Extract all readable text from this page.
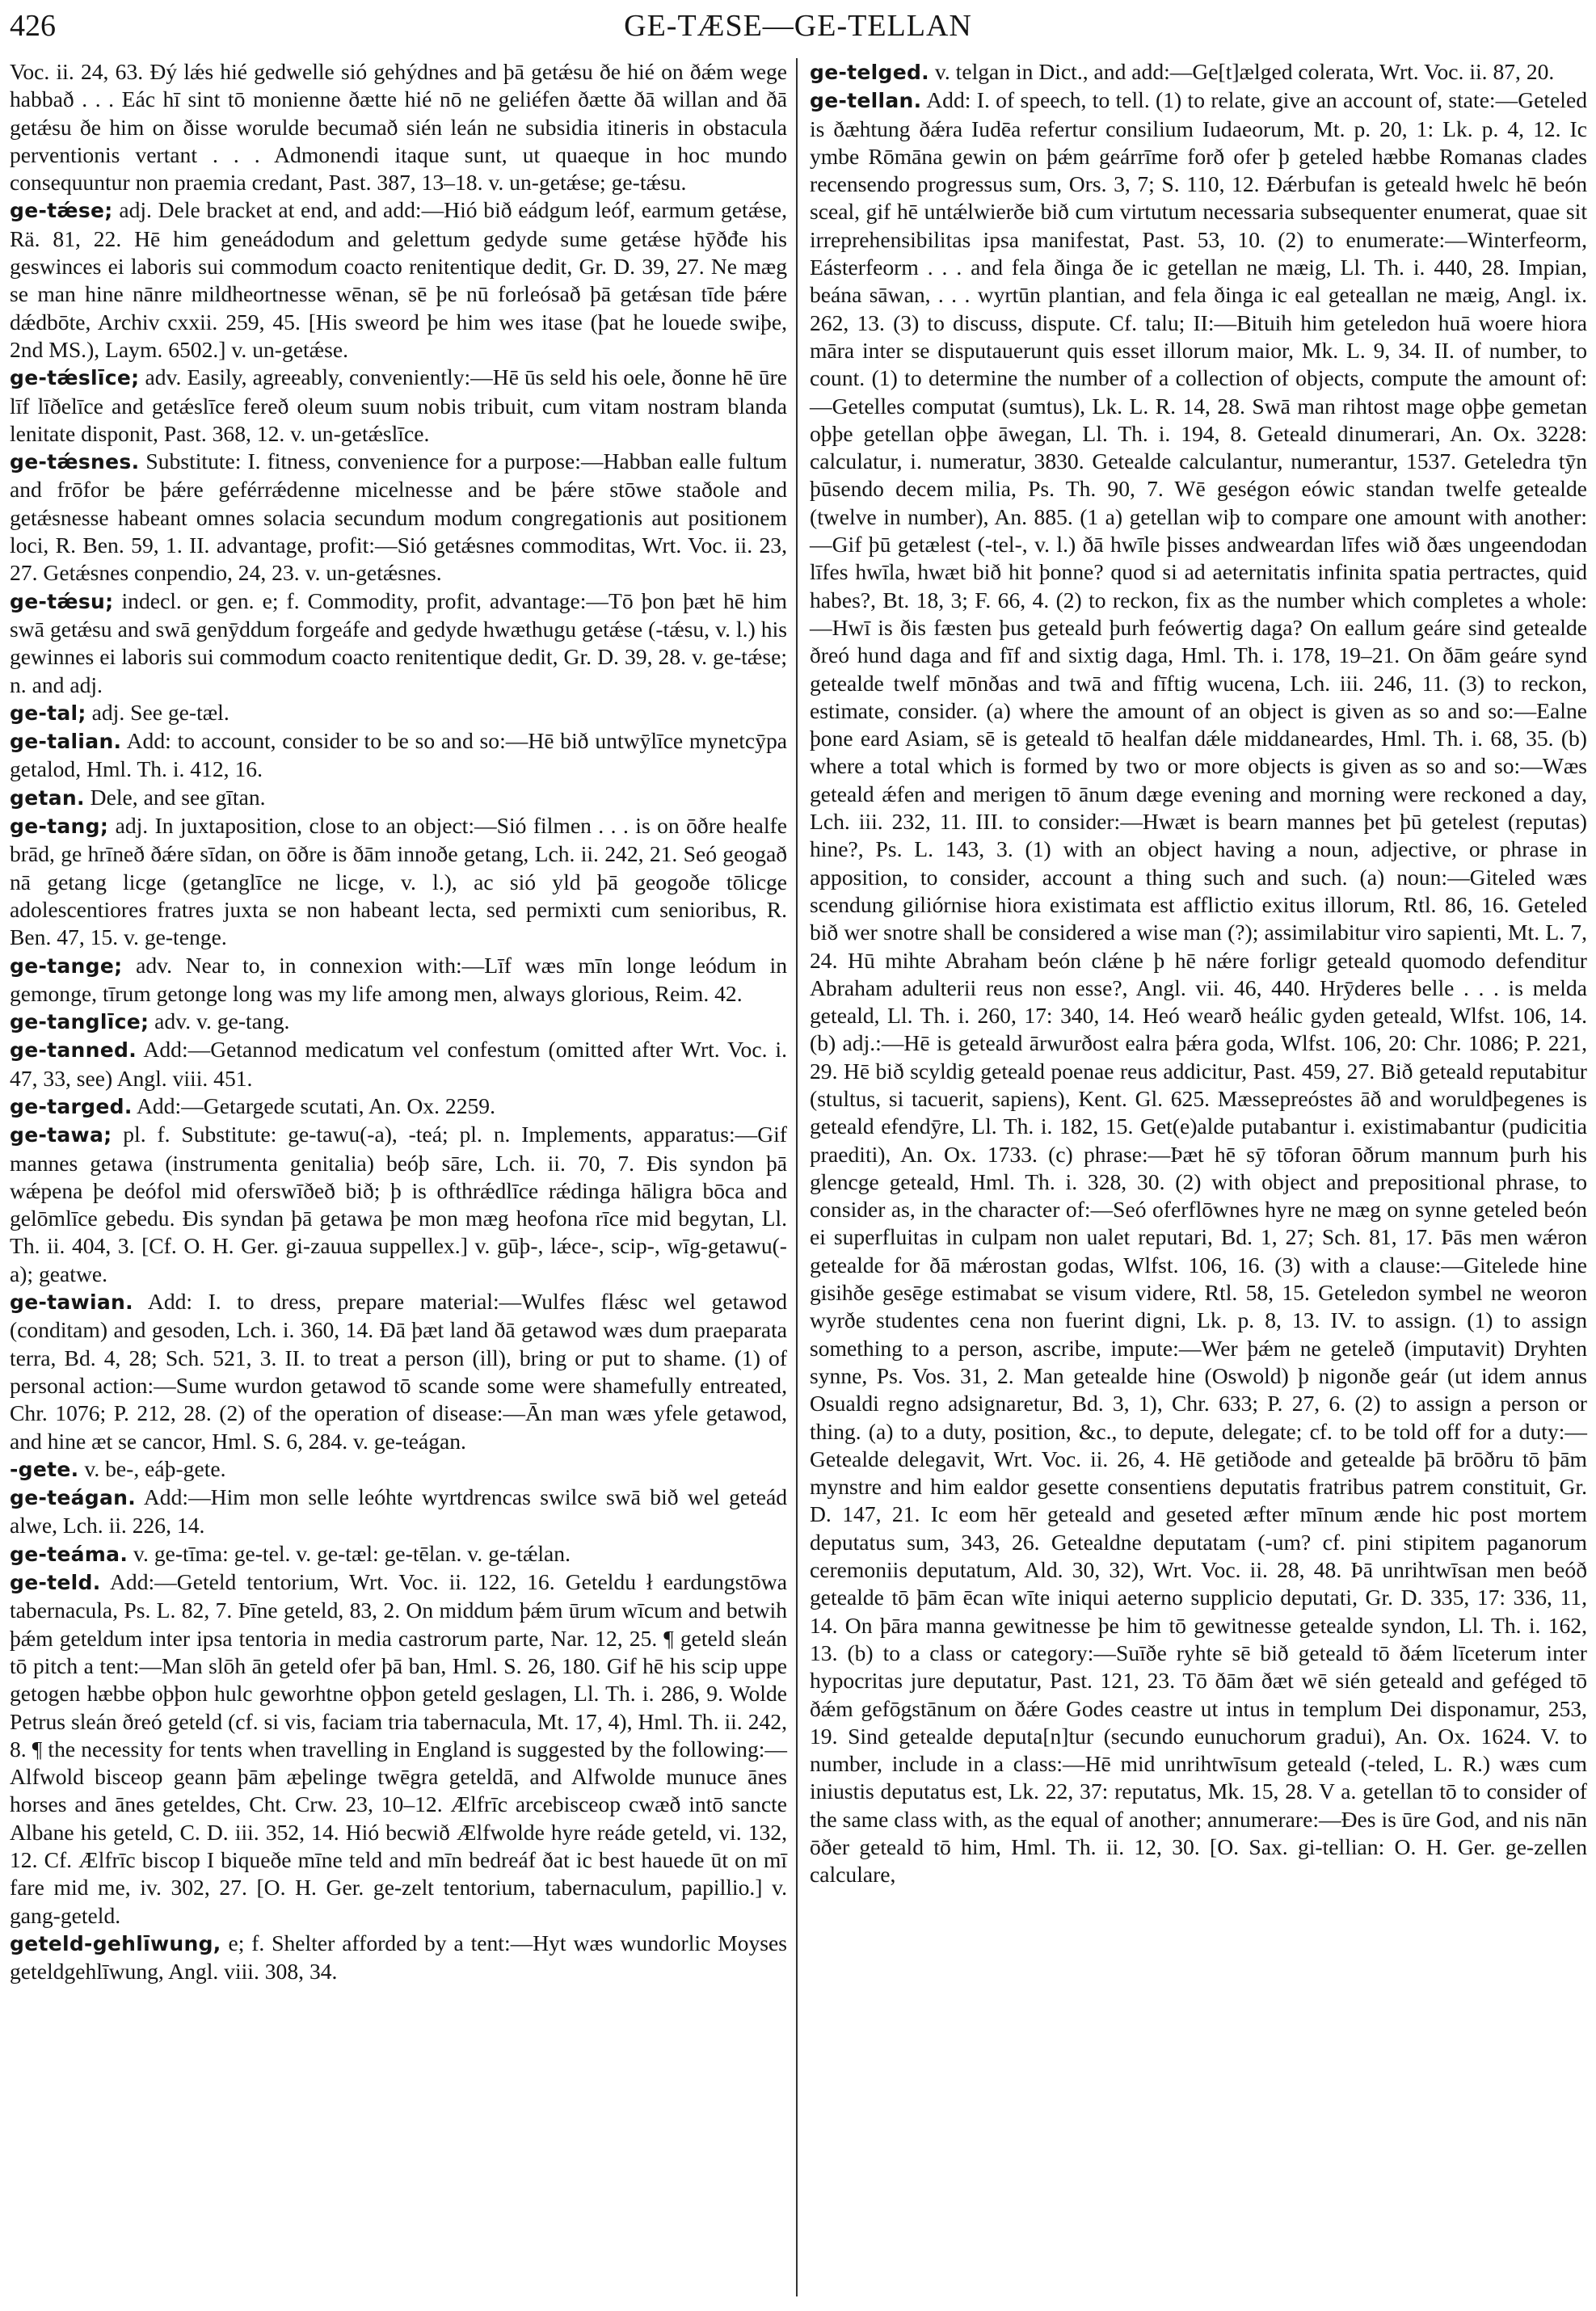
426	GE-TÆSE—GE-TELLAN

Voc. ii. 24, 63. Ðý lǽs hié gedwelle sió gehýdnes and þā getǽsu ðe hié on ðǽm wege habbað . . . Eác hī sint tō monienne ðætte hié nō ne geliéfen ðætte ðā willan and ðā getǽsu ðe him on ðisse worulde becumað sién leán ne subsidia itineris in obstacula perventionis vertant . . . Admonendi itaque sunt, ut quaeque in hoc mundo consequuntur non praemia credant, Past. 387, 13–18. v. un-getǽse; ge-tǽsu.

ge-tǽse; adj. Dele bracket at end, and add:—Hió bið eádgum leóf, earmum getǽse, Rä. 81, 22. Hē him geneádodum and gelettum gedyde sume getǽse hȳðđe his geswinces ei laboris sui commodum coacto renitentique dedit, Gr. D. 39, 27. Ne mæg se man hine nānre mildheortnesse wēnan, sē þe nū forleósað þā getǽsan tīde þǽre dǽdbōte, Archiv cxxii. 259, 45. [His sweord þe him wes itase (þat he louede swiþe, 2nd MS.), Laym. 6502.] v. un-getǽse.

ge-tǽslīce; adv. Easily, agreeably, conveniently:—Hē ūs seld his oele, ðonne hē ūre līf līðelīce and getǽslīce fereð oleum suum nobis tribuit, cum vitam nostram blanda lenitate disponit, Past. 368, 12. v. un-getǽslīce.

ge-tǽsnes. Substitute: I. fitness, convenience for a purpose:—Habban ealle fultum and frōfor be þǽre geférrǽdenne micelnesse and be þǽre stōwe staðole and getǽsnesse habeant omnes solacia secundum modum congregationis aut positionem loci, R. Ben. 59, 1. II. advantage, profit:—Sió getǽsnes commoditas, Wrt. Voc. ii. 23, 27. Getǽsnes conpendio, 24, 23. v. un-getǽsnes.

ge-tǽsu; indecl. or gen. e; f. Commodity, profit, advantage:—Tō þon þæt hē him swā getǽsu and swā genȳddum forgeáfe and gedyde hwæthugu getǽse (-tǽsu, v. l.) his gewinnes ei laboris sui commodum coacto renitentique dedit, Gr. D. 39, 28. v. ge-tǽse; n. and adj.

ge-tal; adj. See ge-tæl.

ge-talian. Add: to account, consider to be so and so:—Hē bið untwȳlīce mynetcȳpa getalod, Hml. Th. i. 412, 16.

getan. Dele, and see gītan.

ge-tang; adj. In juxtaposition, close to an object:—Sió filmen . . . is on ōðre healfe brād, ge hrīneð ðǽre sīdan, on ōðre is ðām innoðe getang, Lch. ii. 242, 21. Seó geogað nā getang licge (getanglīce ne licge, v. l.), ac sió yld þā geogoðe tōlicge adolescentiores fratres juxta se non habeant lecta, sed permixti cum senioribus, R. Ben. 47, 15. v. ge-tenge.

ge-tange; adv. Near to, in connexion with:—Līf wæs mīn longe leódum in gemonge, tīrum getonge long was my life among men, always glorious, Reim. 42.

ge-tanglīce; adv. v. ge-tang.

ge-tanned. Add:—Getannod medicatum vel confestum (omitted after Wrt. Voc. i. 47, 33, see) Angl. viii. 451.

ge-targed. Add:—Getargede scutati, An. Ox. 2259.

ge-tawa; pl. f. Substitute: ge-tawu(-a), -teá; pl. n. Implements, apparatus:—Gif mannes getawa (instrumenta genitalia) beóþ sāre, Lch. ii. 70, 7. Ðis syndon þā wǽpena þe deófol mid oferswīðeð bið; þ is ofthrǽdlīce rǽdinga hāligra bōca and gelōmlīce gebedu. Ðis syndan þā getawa þe mon mæg heofona rīce mid begytan, Ll. Th. ii. 404, 3. [Cf. O. H. Ger. gi-zauua suppellex.] v. gūþ-, lǽce-, scip-, wīg-getawu(-a); geatwe.

ge-tawian. Add: I. to dress, prepare material:—Wulfes flǽsc wel getawod (conditam) and gesoden, Lch. i. 360, 14. Ðā þæt land ðā getawod wæs dum praeparata terra, Bd. 4, 28; Sch. 521, 3. II. to treat a person (ill), bring or put to shame. (1) of personal action:—Sume wurdon getawod tō scande some were shamefully entreated, Chr. 1076; P. 212, 28. (2) of the operation of disease:—Ān man wæs yfele getawod, and hine æt se cancor, Hml. S. 6, 284. v. ge-teágan.

-gete. v. be-, eáþ-gete.

ge-teágan. Add:—Him mon selle leóhte wyrtdrencas swilce swā bið wel geteád alwe, Lch. ii. 226, 14.

ge-teáma. v. ge-tīma: ge-tel. v. ge-tæl: ge-tēlan. v. ge-tǽlan.

ge-teld. Add:—Geteld tentorium, Wrt. Voc. ii. 122, 16. Geteldu ł eardungstōwa tabernacula, Ps. L. 82, 7. Þīne geteld, 83, 2. On middum þǽm ūrum wīcum and betwih þǽm geteldum inter ipsa tentoria in media castrorum parte, Nar. 12, 25. ¶ geteld sleán tō pitch a tent:—Man slōh ān geteld ofer þā ban, Hml. S. 26, 180. Gif hē his scip uppe getogen hæbbe oþþon hulc geworhtne oþþon geteld geslagen, Ll. Th. i. 286, 9. Wolde Petrus sleán ðreó geteld (cf. si vis, faciam tria tabernacula, Mt. 17, 4), Hml. Th. ii. 242, 8. ¶ the necessity for tents when travelling in England is suggested by the following:—Alfwold bisceop geann þām æþelinge twēgra geteldā, and Alfwolde munuce ānes horses and ānes geteldes, Cht. Crw. 23, 10–12. Ælfrīc arcebisceop cwæð intō sancte Albane his geteld, C. D. iii. 352, 14. Hió becwið Ælfwolde hyre reáde geteld, vi. 132, 12. Cf. Ælfrīc biscop I biqueðe mīne teld and mīn bedreáf ðat ic best hauede ūt on mī fare mid me, iv. 302, 27. [O. H. Ger. ge-zelt tentorium, tabernaculum, papillio.] v. gang-geteld.

geteld-gehlīwung, e; f. Shelter afforded by a tent:—Hyt wæs wundorlic Moyses geteldgehlīwung, Angl. viii. 308, 34.

ge-telged. v. telgan in Dict., and add:—Ge[t]ælged colerata, Wrt. Voc. ii. 87, 20.

ge-tellan. Add: I. of speech, to tell. (1) to relate, give an account of, state:—Geteled is ðæhtung ðǽra Iudēa refertur consilium Iudaeorum, Mt. p. 20, 1: Lk. p. 4, 12. Ic ymbe Rōmāna gewin on þǽm geárrīme forð ofer þ geteled hæbbe Romanas clades recensendo progressus sum, Ors. 3, 7; S. 110, 12. Ðǽrbufan is geteald hwelc hē beón sceal, gif hē untǽlwierðe bið cum virtutum necessaria subsequenter enumerat, quae sit irreprehensibilitas ipsa manifestat, Past. 53, 10. (2) to enumerate:—Winterfeorm, Eásterfeorm . . . and fela ðinga ðe ic getellan ne mæig, Ll. Th. i. 440, 28. Impian, beána sāwan, . . . wyrtūn plantian, and fela ðinga ic eal geteallan ne mæig, Angl. ix. 262, 13. (3) to discuss, dispute. Cf. talu; II:—Bituih him geteledon huā woere hiora māra inter se disputauerunt quis esset illorum maior, Mk. L. 9, 34. II. of number, to count. (1) to determine the number of a collection of objects, compute the amount of:—Getelles computat (sumtus), Lk. L. R. 14, 28. Swā man rihtost mage oþþe gemetan oþþe getellan oþþe āwegan, Ll. Th. i. 194, 8. Geteald dinumerari, An. Ox. 3228: calculatur, i. numeratur, 3830. Getealde calculantur, numerantur, 1537. Geteledra tȳn þūsendo decem milia, Ps. Th. 90, 7. Wē geségon eówic standan twelfe getealde (twelve in number), An. 885. (1 a) getellan wiþ to compare one amount with another:—Gif þū getælest (-tel-, v. l.) ðā hwīle þisses andweardan līfes wið ðæs ungeendodan līfes hwīla, hwæt bið hit þonne? quod si ad aeternitatis infinita spatia pertractes, quid habes?, Bt. 18, 3; F. 66, 4. (2) to reckon, fix as the number which completes a whole:—Hwī is ðis fæsten þus geteald þurh feówertig daga? On eallum geáre sind getealde ðreó hund daga and fīf and sixtig daga, Hml. Th. i. 178, 19–21. On ðām geáre synd getealde twelf mōnðas and twā and fīftig wucena, Lch. iii. 246, 11. (3) to reckon, estimate, consider. (a) where the amount of an object is given as so and so:—Ealne þone eard Asiam, sē is geteald tō healfan dǽle middaneardes, Hml. Th. i. 68, 35. (b) where a total which is formed by two or more objects is given as so and so:—Wæs geteald ǽfen and merigen tō ānum dæge evening and morning were reckoned a day, Lch. iii. 232, 11. III. to consider:—Hwæt is bearn mannes þet þū getelest (reputas) hine?, Ps. L. 143, 3. (1) with an object having a noun, adjective, or phrase in apposition, to consider, account a thing such and such. (a) noun:—Giteled wæs scendung giliórnise hiora existimata est afflictio exitus illorum, Rtl. 86, 16. Geteled bið wer snotre shall be considered a wise man (?); assimilabitur viro sapienti, Mt. L. 7, 24. Hū mihte Abraham beón clǽne þ hē nǽre forligr geteald quomodo defenditur Abraham adulterii reus non esse?, Angl. vii. 46, 440. Hrȳderes belle . . . is melda geteald, Ll. Th. i. 260, 17: 340, 14. Heó wearð heálic gyden geteald, Wlfst. 106, 14. (b) adj.:—Hē is geteald ārwurðost ealra þǽra goda, Wlfst. 106, 20: Chr. 1086; P. 221, 29. Hē bið scyldig geteald poenae reus addicitur, Past. 459, 27. Bið geteald reputabitur (stultus, si tacuerit, sapiens), Kent. Gl. 625. Mæssepreóstes āð and woruldþegenes is geteald efendȳre, Ll. Th. i. 182, 15. Get(e)alde putabantur i. existimabantur (pudicitia praediti), An. Ox. 1733. (c) phrase:—Þæt hē sȳ tōforan ōðrum mannum þurh his glencge geteald, Hml. Th. i. 328, 30. (2) with object and prepositional phrase, to consider as, in the character of:—Seó oferflōwnes hyre ne mæg on synne geteled beón ei superfluitas in culpam non ualet reputari, Bd. 1, 27; Sch. 81, 17. Þās men wǽron getealde for ðā mǽrostan godas, Wlfst. 106, 16. (3) with a clause:—Gitelede hine gisihðe gesēge estimabat se visum videre, Rtl. 58, 15. Geteledon symbel ne weoron wyrðe studentes cena non fuerint digni, Lk. p. 8, 13. IV. to assign. (1) to assign something to a person, ascribe, impute:—Wer þǽm ne geteleð (imputavit) Dryhten synne, Ps. Vos. 31, 2. Man getealde hine (Oswold) þ nigonðe geár (ut idem annus Osualdi regno adsignaretur, Bd. 3, 1), Chr. 633; P. 27, 6. (2) to assign a person or thing. (a) to a duty, position, &c., to depute, delegate; cf. to be told off for a duty:—Getealde delegavit, Wrt. Voc. ii. 26, 4. Hē getiðode and getealde þā brōðru tō þām mynstre and him ealdor gesette consentiens deputatis fratribus patrem constituit, Gr. D. 147, 21. Ic eom hēr geteald and geseted æfter mīnum ænde hic post mortem deputatus sum, 343, 26. Getealdne deputatam (-um? cf. pini stipitem paganorum ceremoniis deputatum, Ald. 30, 32), Wrt. Voc. ii. 28, 48. Þā unrihtwīsan men beóð getealde tō þām ēcan wīte iniqui aeterno supplicio deputati, Gr. D. 335, 17: 336, 11, 14. On þāra manna gewitnesse þe him tō gewitnesse getealde syndon, Ll. Th. i. 162, 13. (b) to a class or category:—Suīðe ryhte sē bið geteald tō ðǽm līceterum inter hypocritas jure deputatur, Past. 121, 23. Tō ðām ðæt wē sién geteald and geféged tō ðǽm gefōgstānum on ðǽre Godes ceastre ut intus in templum Dei disponamur, 253, 19. Sind getealde deputa[n]tur (secundo eunuchorum gradui), An. Ox. 1624. V. to number, include in a class:—Hē mid unrihtwīsum geteald (-teled, L. R.) wæs cum iniustis deputatus est, Lk. 22, 37: reputatus, Mk. 15, 28. V a. getellan tō to consider of the same class with, as the equal of another; annumerare:—Ðes is ūre God, and nis nān ōðer geteald tō him, Hml. Th. ii. 12, 30. [O. Sax. gi-tellian: O. H. Ger. ge-zellen calculare,
